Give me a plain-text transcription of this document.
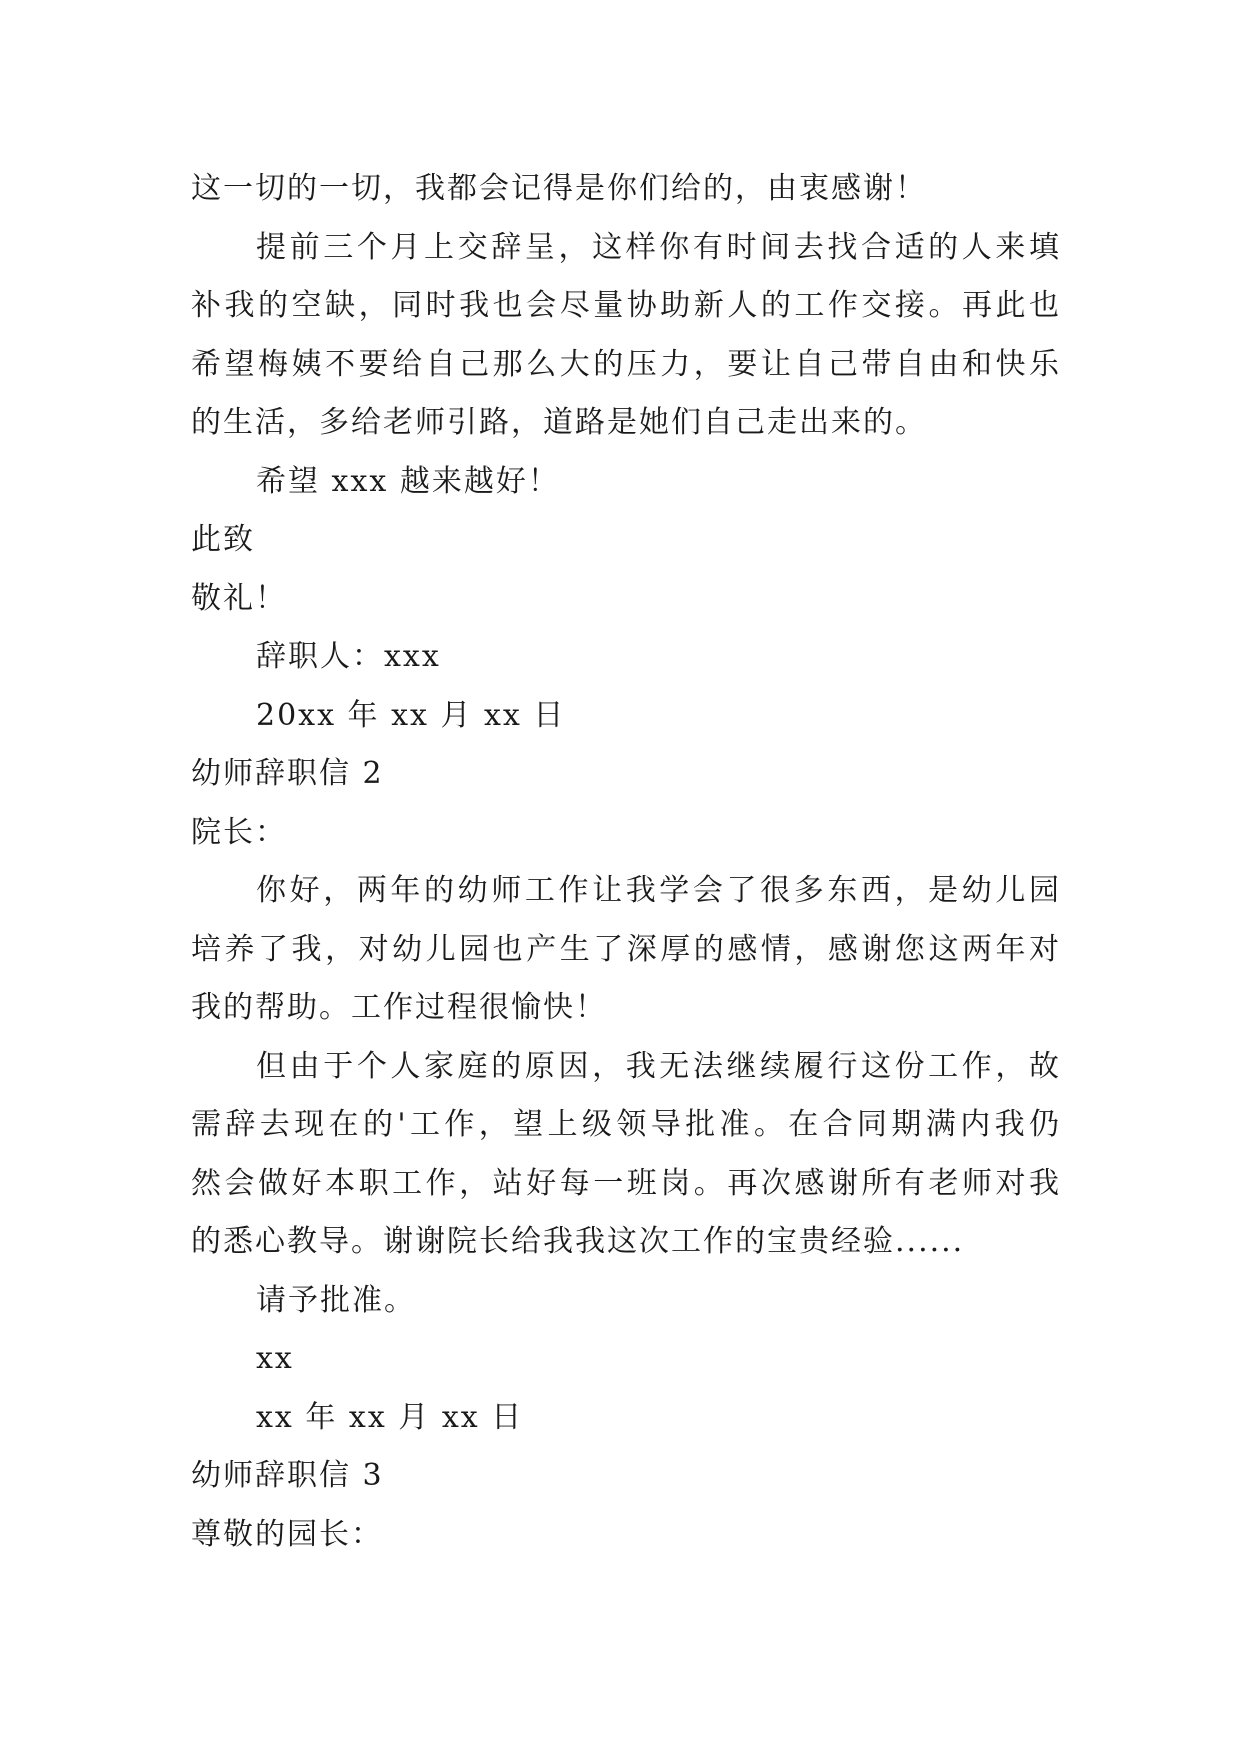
这一切的一切，我都会记得是你们给的，由衷感谢！

提前三个月上交辞呈，这样你有时间去找合适的人来填

补我的空缺，同时我也会尽量协助新人的工作交接。再此也

希望梅姨不要给自己那么大的压力，要让自己带自由和快乐

的生活，多给老师引路，道路是她们自己走出来的。

希望 xxx 越来越好！

此致

敬礼！

辞职人：xxx

20xx 年 xx 月 xx 日

幼师辞职信 2

院长：

你好，两年的幼师工作让我学会了很多东西，是幼儿园

培养了我，对幼儿园也产生了深厚的感情，感谢您这两年对

我的帮助。工作过程很愉快！

但由于个人家庭的原因，我无法继续履行这份工作，故

需辞去现在的'工作，望上级领导批准。在合同期满内我仍

然会做好本职工作，站好每一班岗。再次感谢所有老师对我

的悉心教导。谢谢院长给我我这次工作的宝贵经验......

请予批准。

xx

xx 年 xx 月 xx 日

幼师辞职信 3

尊敬的园长：
